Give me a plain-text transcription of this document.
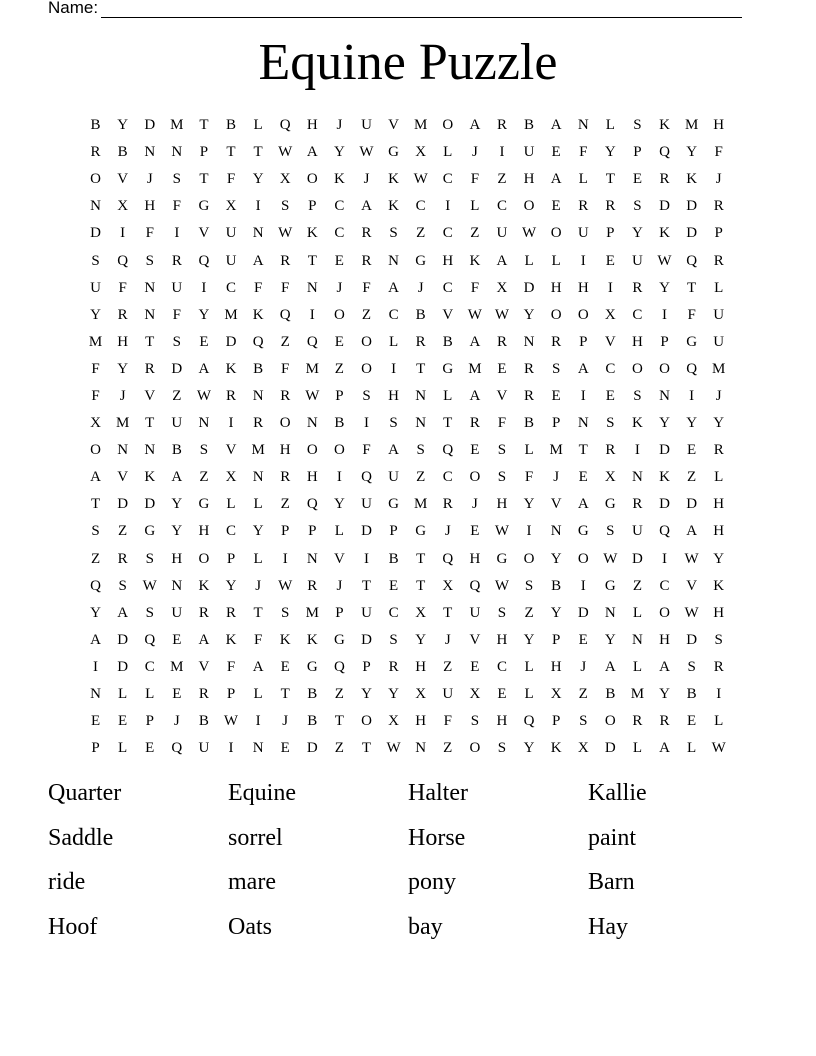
Name:
Equine Puzzle
B	Y	D	M	T	B	L	Q	H	J	U	V	M	O	A	R	B	A	N	L	S	K	M	H
R	B	N	N	P	T	T	W A	Y W G	X	L	J	I	U	E	F	Y	P	Q	Y	F
O	V	J	S	T	F	Y	X	O	K	J	K W	C	F	Z	H	A	L	T	E	R	K	J
N	X	H	F	G	X	I	S	P	C	A	K	C	I	L	C	O	E	R	R	S	D	D	R
D	I	F	I	V	U	N W K	C	R	S	Z	C	Z	U W O	U	P	Y	K	D	P
S	Q	S	R	Q	U	A	R	T	E	R	N	G	H	K	A	L	L	I	E	U W Q	R
U	F	N	U	I	C	F	F	N	J	F	A	J	C	F	X	D	H	H	I	R	Y	T	L
Y	R	N	F	Y	M	K	Q	I	O	Z	C	B	V W W Y	O	O	X	C	I	F	U
M	H	T	S	E	D	Q	Z	Q	E	O	L	R	B	A	R	N	R	P	V	H	P	G	U
F	Y	R	D	A	K	B	F	M	Z	O	I	T	G	M	E	R	S	A	C	O	O	Q	M
F	J	V	Z	W	R	N	R	W	P	S	H	N	L	A	V	R	E	I	E	S	N	I	J
X	M	T	U	N	I	R	O	N	B	I	S	N	T	R	F	B	P	N	S	K	Y	Y	Y
O	N	N	B	S	V	M	H	O	O	F	A	S	Q	E	S	L	M	T	R	I	D	E	R
A	V	K	A	Z	X	N	R	H	I	Q	U	Z	C	O	S	F	J	E	X	N	K	Z	L
T	D	D	Y	G	L	L	Z	Q	Y	U	G	M	R	J	H	Y	V	A	G	R	D	D	H
S	Z	G	Y	H	C	Y	P	P	L	D	P	G	J	E	W	I	N	G	S	U	Q	A	H
Z	R	S	H	O	P	L	I	N	V	I	B	T	Q	H	G	O	Y	O W D	I	W Y
Q	S	W N	K	Y	J	W	R	J	T	E	T	X	Q W	S	B	I	G	Z	C	V	K
Y	A	S	U	R	R	T	S	M	P	U	C	X	T	U	S	Z	Y	D	N	L	O W H
A	D	Q	E	A	K	F	K	K	G	D	S	Y	J	V	H	Y	P	E	Y	N	H	D	S
I	D	C	M	V	F	A	E	G	Q	P	R	H	Z	E	C	L	H	J	A	L	A	S	R
N	L	L	E	R	P	L	T	B	Z	Y	Y	X	U	X	E	L	X	Z	B	M	Y	B	I
E	E	P	J	B	W	I	J	B	T	O	X	H	F	S	H	Q	P	S	O	R	R	E	L
P	L	E	Q	U	I	N	E	D	Z	T	W N	Z	O	S	Y	K	X	D	L	A	L	W
Quarter	Equine	Halter	Kallie
Saddle	sorrel	Horse	paint
ride	mare	pony	Barn
Hoof	Oats	bay	Hay
